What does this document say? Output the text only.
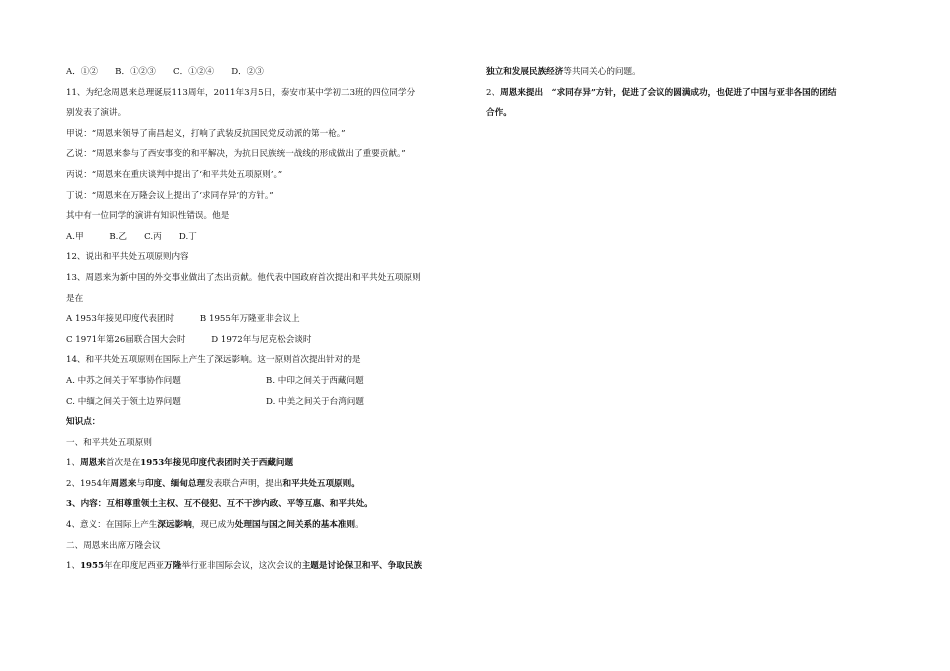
A．①②　　B．①②③　　C．①②④　　D．②③
11、为纪念周恩来总理诞辰113周年，2011年3月5日，泰安市某中学初二3班的四位同学分
别发表了演讲。
甲说：“周恩来领导了南昌起义，打响了武装反抗国民党反动派的第一枪。”
乙说：“周恩来参与了西安事变的和平解决，为抗日民族统一战线的形成做出了重要贡献。”
丙说：“周恩来在重庆谈判中提出了‘和平共处五项原则’。”
丁说：“周恩来在万隆会议上提出了‘求同存异’的方针。”
其中有一位同学的演讲有知识性错误。他是
A.甲　　　B.乙　　C.丙　　D.丁
12、说出和平共处五项原则内容
13、周恩来为新中国的外交事业做出了杰出贡献。他代表中国政府首次提出和平共处五项原则
是在
A 1953年接见印度代表团时　　　B 1955年万隆亚非会议上
C 1971年第26届联合国大会时　　　D 1972年与尼克松会谈时
14、和平共处五项原则在国际上产生了深远影响。这一原则首次提出针对的是
A. 中苏之间关于军事协作问题	B. 中印之间关于西藏问题
C. 中缅之间关于领土边界问题	D. 中美之间关于台湾问题
知识点：
一、和平共处五项原则
1、周恩来首次是在1953年接见印度代表团时关于西藏问题
2、1954年周恩来与印度、缅甸总理发表联合声明，提出和平共处五项原则。
3、内容：互相尊重领土主权、互不侵犯、互不干涉内政、平等互惠、和平共处。
4、意义：在国际上产生深远影响，现已成为处理国与国之间关系的基本准则。
二、周恩来出席万隆会议
1、1955年在印度尼西亚万隆举行亚非国际会议，这次会议的主题是讨论保卫和平、争取民族
独立和发展民族经济等共同关心的问题。
2、周恩来提出　“求同存异”方针，促进了会议的圆满成功，也促进了中国与亚非各国的团结
合作。
